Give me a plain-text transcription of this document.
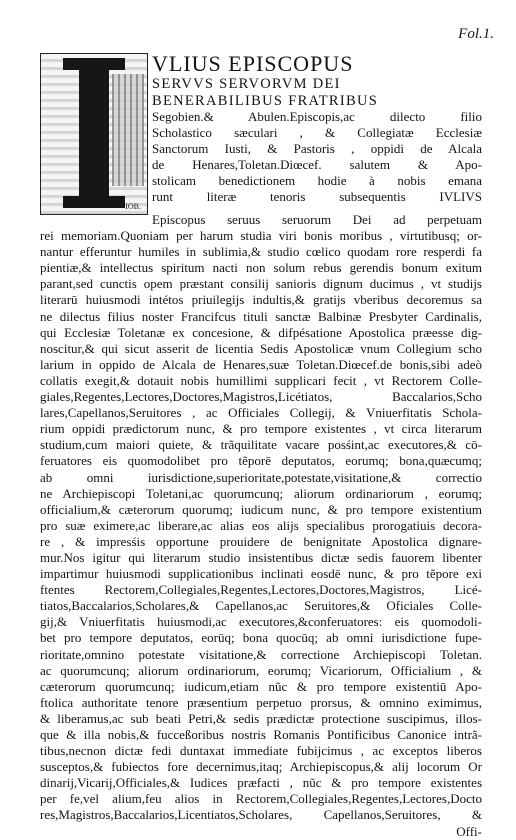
Fol.1.
IOB.
VLIUS EPISCOPUS
SERVVS SERVORVM DEI
BENERABILIBUS FRATRIBUS
Segobien.& Abulen.Episcopis,ac dilecto filio
Scholastico sæculari , & Collegiatæ Ecclesiæ
Sanctorum Iusti, & Pastoris , oppidi de Alcala
de Henares,Toletan.Diœcef. salutem & Apo-
stolicam benedictionem hodie à nobis emana
runt literæ tenoris subsequentis IVLIVS
Episcopus seruus seruorum Dei ad perpetuam
rei memoriam.Quoniam per harum studia viri bonis moribus , virtutibusq; or-
nantur efferuntur humiles in sublimia,& studio cœlico quodam rore resperdi fa
pientiæ,& intellectus spiritum nacti non solum rebus gerendis bonum exitum
parant,sed cunctis opem præstant consilij sanioris dignum ducimus , vt studijs
literarū huiusmodi intétos priuilegijs indultis,& gratijs vberibus decoremus sa
ne dilectus filius noster Francifcus tituli sanctæ Balbinæ Presbyter Cardinalis,
qui Ecclesiæ Toletanæ ex concesione, & difpésatione Apostolica præesse dig-
noscitur,& qui sicut asserit de licentia Sedis Apostolicæ vnum Collegium scho
larium in oppido de Alcala de Henares,suæ Toletan.Diœcef.de bonis,sibi adeò
collatis exegit,& dotauit nobis humillimi supplicari fecit , vt Rectorem Colle-
giales,Regentes,Lectores,Doctores,Magistros,Licétiatos, Baccalarios,Scho
lares,Capellanos,Seruitores , ac Officiales Collegij, & Vniuerfitatis Schola-
rium oppidi prædictorum nunc, & pro tempore existentes , vt circa literarum
studium,cum maiori quiete, & trãquilitate vacare posśint,ac executores,& cō-
feruatores eis quomodolibet pro tẽporē deputatos, eorumq; bona,quæcumq;
ab omni iurisdictione,superioritate,potestate,visitatione,& correctio
ne Archiepiscopi Toletani,ac quorumcunq; aliorum ordinariorum , eorumq;
officialium,& cæterorum quorumq; iudicum nunc, & pro tempore existentium
pro suæ eximere,ac liberare,ac alias eos alijs specialibus prorogatiuis decora-
re , & impresśis opportune prouidere de benignitate Apostolica dignare-
mur.Nos igitur qui literarum studio insistentibus dictæ sedis fauorem libenter
impartimur huiusmodi supplicationibus inclinati eosdē nunc, & pro tẽpore exi
ftentes Rectorem,Collegiales,Regentes,Lectores,Doctores,Magistros, Licé-
tiatos,Baccalarios,Scholares,& Capellanos,ac Seruitores,& Oficiales Colle-
gij,& Vniuerfitatis huiusmodi,ac executores,&conferuatores: eis quomodoli-
bet pro tempore deputatos, eorūq; bona quocūq; ab omni iurisdictione fupe-
rioritate,omnino potestate visitatione,& correctione Archiepiscopi Toletan.
ac quorumcunq; aliorum ordinariorum, eorumq; Vicariorum, Officialium , &
cæterorum quorumcunq; iudicum,etiam nũc & pro tempore existentiū Apo-
ftolica authoritate tenore præsentium perpetuo prorsus, & omnino eximimus,
& liberamus,ac sub beati Petri,& sedis prædictæ protectione suscipimus, illos-
que & illa nobis,& fucceßoribus nostris Romanis Pontificibus Canonice intrã-
tibus,necnon dictæ fedi duntaxat immediate fubijcimus , ac exceptos liberos
susceptos,& fubiectos fore decernimus,itaq; Archiepiscopus,& alij locorum Or
dinarij,Vicarij,Officiales,& Iudices præfacti , nũc & pro tempore existentes
per fe,vel alium,feu alios in Rectorem,Collegiales,Regentes,Lectores,Docto
res,Magistros,Baccalarios,Licentiatos,Scholares, Capellanos,Seruitores, &
Offi-
